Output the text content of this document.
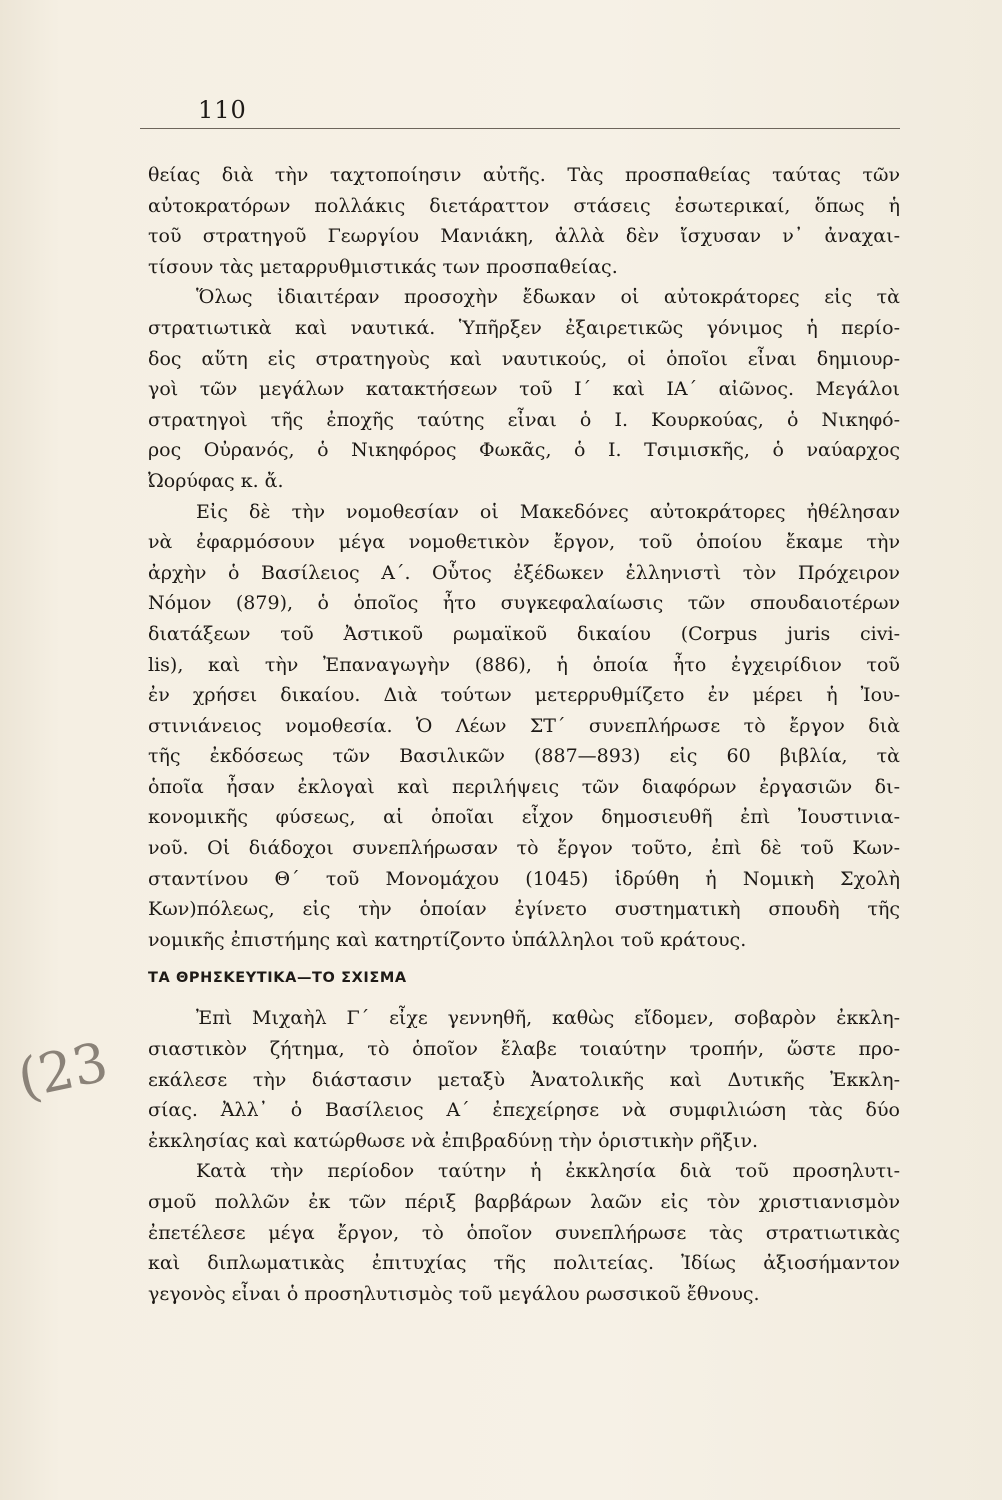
110
(23
θείας διὰ τὴν ταχτοποίησιν αὐτῆς. Τὰς προσπαθείας ταύτας τῶν
αὐτοκρατόρων πολλάκις διετάραττον στάσεις ἐσωτερικαί, ὅπως ἡ
τοῦ στρατηγοῦ Γεωργίου Μανιάκη, ἀλλὰ δὲν ἴσχυσαν ν᾽ ἀναχαι-
τίσουν τὰς μεταρρυθμιστικάς των προσπαθείας.
Ὅλως ἰδιαιτέραν προσοχὴν ἔδωκαν οἱ αὐτοκράτορες εἰς τὰ
στρατιωτικὰ καὶ ναυτικά. Ὑπῆρξεν ἐξαιρετικῶς γόνιμος ἡ περίο-
δος αὕτη εἰς στρατηγοὺς καὶ ναυτικούς, οἱ ὁποῖοι εἶναι δημιουρ-
γοὶ τῶν μεγάλων κατακτήσεων τοῦ Ι΄ καὶ ΙΑ΄ αἰῶνος. Μεγάλοι
στρατηγοὶ τῆς ἐποχῆς ταύτης εἶναι ὁ Ι. Κουρκούας, ὁ Νικηφό-
ρος Οὐρανός, ὁ Νικηφόρος Φωκᾶς, ὁ Ι. Τσιμισκῆς, ὁ ναύαρχος
Ὠορύφας κ. ἄ.
Εἰς δὲ τὴν νομοθεσίαν οἱ Μακεδόνες αὐτοκράτορες ἠθέλησαν
νὰ ἐφαρμόσουν μέγα νομοθετικὸν ἔργον, τοῦ ὁποίου ἔκαμε τὴν
ἀρχὴν ὁ Βασίλειος Α΄. Οὗτος ἐξέδωκεν ἑλληνιστὶ τὸν Πρόχειρον
Νόμον (879), ὁ ὁποῖος ἦτο συγκεφαλαίωσις τῶν σπουδαιοτέρων
διατάξεων τοῦ Ἀστικοῦ ρωμαϊκοῦ δικαίου (Corpus juris civi-
lis), καὶ τὴν Ἐπαναγωγὴν (886), ἡ ὁποία ἦτο ἐγχειρίδιον τοῦ
ἐν χρήσει δικαίου. Διὰ τούτων μετερρυθμίζετο ἐν μέρει ἡ Ἰου-
στινιάνειος νομοθεσία. Ὁ Λέων ΣΤ΄ συνεπλήρωσε τὸ ἔργον διὰ
τῆς ἐκδόσεως τῶν Βασιλικῶν (887—893) εἰς 60 βιβλία, τὰ
ὁποῖα ἦσαν ἐκλογαὶ καὶ περιλήψεις τῶν διαφόρων ἐργασιῶν δι-
κονομικῆς φύσεως, αἱ ὁποῖαι εἶχον δημοσιευθῆ ἐπὶ Ἰουστινια-
νοῦ. Οἱ διάδοχοι συνεπλήρωσαν τὸ ἔργον τοῦτο, ἐπὶ δὲ τοῦ Κων-
σταντίνου Θ΄ τοῦ Μονομάχου (1045) ἱδρύθη ἡ Νομικὴ Σχολὴ
Κων)πόλεως, εἰς τὴν ὁποίαν ἐγίνετο συστηματικὴ σπουδὴ τῆς
νομικῆς ἐπιστήμης καὶ κατηρτίζοντο ὑπάλληλοι τοῦ κράτους.
ΤΑ ΘΡΗΣΚΕΥΤΙΚΑ—ΤΟ ΣΧΙΣΜΑ
Ἐπὶ Μιχαὴλ Γ΄ εἶχε γεννηθῆ, καθὼς εἴδομεν, σοβαρὸν ἐκκλη-
σιαστικὸν ζήτημα, τὸ ὁποῖον ἔλαβε τοιαύτην τροπήν, ὥστε προ-
εκάλεσε τὴν διάστασιν μεταξὺ Ἀνατολικῆς καὶ Δυτικῆς Ἐκκλη-
σίας. Ἀλλ᾽ ὁ Βασίλειος Α΄ ἐπεχείρησε νὰ συμφιλιώση τὰς δύο
ἐκκλησίας καὶ κατώρθωσε νὰ ἐπιβραδύνῃ τὴν ὁριστικὴν ρῆξιν.
Κατὰ τὴν περίοδον ταύτην ἡ ἐκκλησία διὰ τοῦ προσηλυτι-
σμοῦ πολλῶν ἐκ τῶν πέριξ βαρβάρων λαῶν εἰς τὸν χριστιανισμὸν
ἐπετέλεσε μέγα ἔργον, τὸ ὁποῖον συνεπλήρωσε τὰς στρατιωτικὰς
καὶ διπλωματικὰς ἐπιτυχίας τῆς πολιτείας. Ἰδίως ἀξιοσήμαντον
γεγονὸς εἶναι ὁ προσηλυτισμὸς τοῦ μεγάλου ρωσσικοῦ ἔθνους.
